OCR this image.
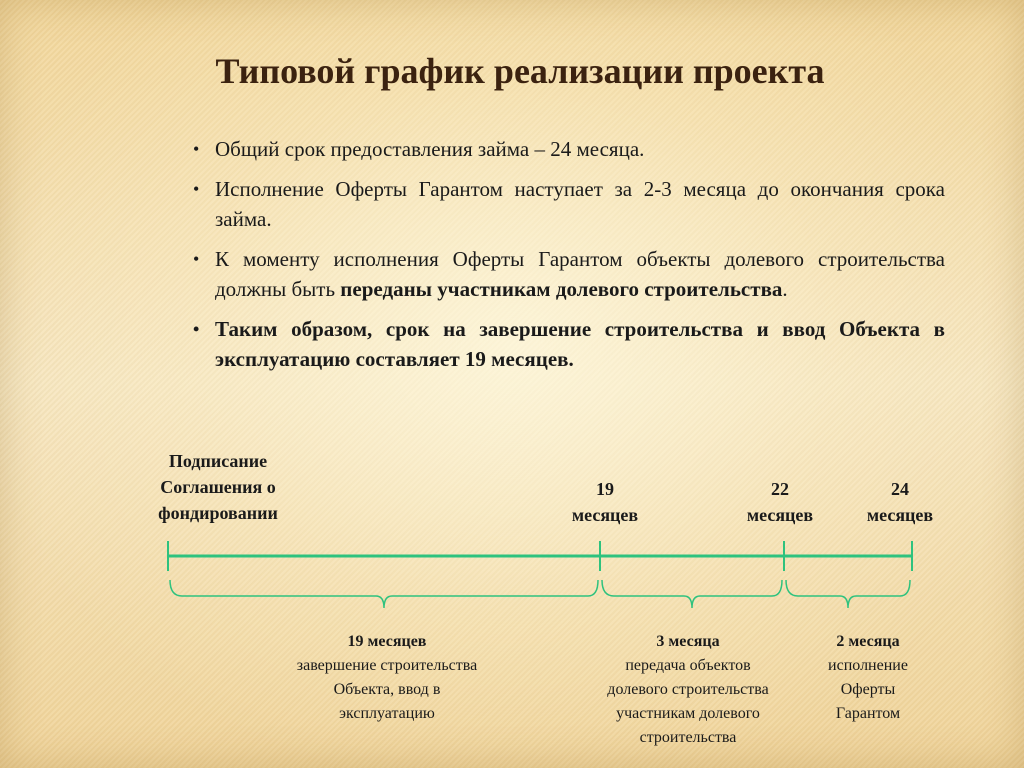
Типовой график реализации проекта
• Общий срок предоставления займа – 24 месяца.
• Исполнение Оферты Гарантом наступает за 2-3 месяца до окончания срока займа.
• К моменту исполнения Оферты Гарантом объекты долевого строительства должны быть переданы участникам долевого строительства.
• Таким образом, срок на завершение строительства и ввод Объекта в эксплуатацию составляет 19 месяцев.
Подписание
Соглашения о
фондировании
19
месяцев
22
месяцев
24
месяцев
19 месяцев
завершение строительства
Объекта, ввод в
эксплуатацию
3 месяца
передача объектов
долевого строительства
участникам долевого
строительства
2 месяца
исполнение
Оферты
Гарантом
